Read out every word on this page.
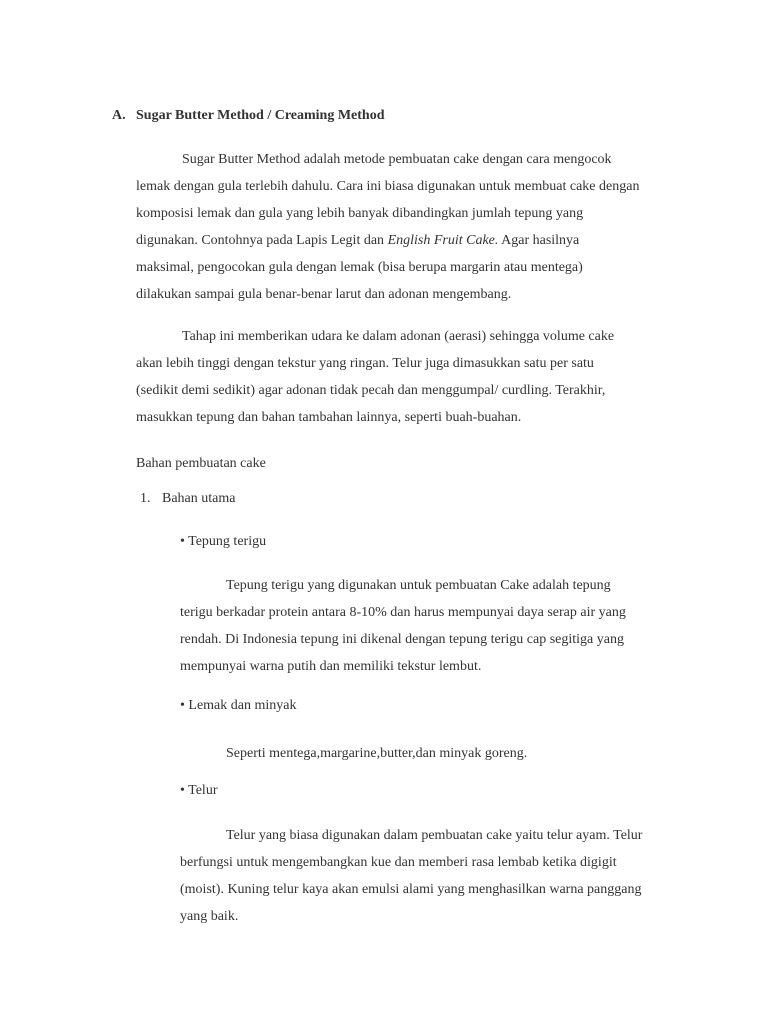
A. Sugar Butter Method / Creaming Method

Sugar Butter Method adalah metode pembuatan cake dengan cara mengocok
lemak dengan gula terlebih dahulu. Cara ini biasa digunakan untuk membuat cake dengan
komposisi lemak dan gula yang lebih banyak dibandingkan jumlah tepung yang
digunakan. Contohnya pada Lapis Legit dan English Fruit Cake. Agar hasilnya
maksimal, pengocokan gula dengan lemak (bisa berupa margarin atau mentega)
dilakukan sampai gula benar-benar larut dan adonan mengembang.

Tahap ini memberikan udara ke dalam adonan (aerasi) sehingga volume cake
akan lebih tinggi dengan tekstur yang ringan. Telur juga dimasukkan satu per satu
(sedikit demi sedikit) agar adonan tidak pecah dan menggumpal/ curdling. Terakhir,
masukkan tepung dan bahan tambahan lainnya, seperti buah-buahan.

Bahan pembuatan cake

1. Bahan utama
• Tepung terigu

Tepung terigu yang digunakan untuk pembuatan Cake adalah tepung
terigu berkadar protein antara 8-10% dan harus mempunyai daya serap air yang
rendah. Di Indonesia tepung ini dikenal dengan tepung terigu cap segitiga yang
mempunyai warna putih dan memiliki tekstur lembut.

• Lemak dan minyak

Seperti mentega,margarine,butter,dan minyak goreng.

• Telur

Telur yang biasa digunakan dalam pembuatan cake yaitu telur ayam. Telur
berfungsi untuk mengembangkan kue dan memberi rasa lembab ketika digigit
(moist). Kuning telur kaya akan emulsi alami yang menghasilkan warna panggang
yang baik.
